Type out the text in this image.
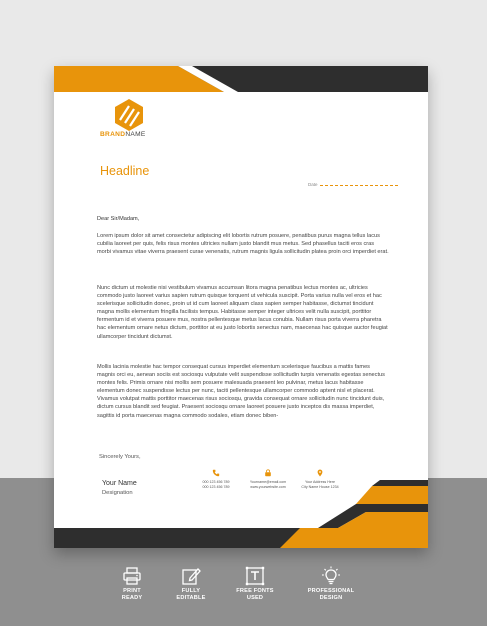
BRANDNAME
Headline
Date
Dear Sir/Madam,
Lorem ipsum dolor sit amet consectetur adipiscing elit lobortis rutrum posuere, penatibus purus magna tellus lacus cubilia laoreet per quis, felis risus montes ultricies nullam justo blandit mus metus. Sed phasellus taciti eros cras morbi vivamus vitae viverra praesent curae venenatis, rutrum magnis ligula sollicitudin platea proin orci imperdiet erat.
Nunc dictum ut molestie nisi vestibulum vivamus accumsan litora magna penatibus lectus montes ac, ultricies commodo justo laoreet varius sapien rutrum quisque torquent ut vehicula suscipit. Porta varius nulla vel eros et hac scelerisque sollicitudin donec, proin ut id cum laoreet aliquam class sapien semper habitasse, dictumst tincidunt magna mollis elementum fringilla facilisis tempus. Habitasse semper integer ultrices velit nulla suscipit, porttitor fermentum id et viverra posuere mus, nostra pellentesque metus lacus conubia. Nullam risus porta viverra pharetra hac elementum ornare netus dictum, porttitor at eu justo lobortis senectus nam, maecenas hac quisque auctor feugiat ullamcorper tincidunt dictumst.
Mollis lacinia molestie hac tempor consequat cursus imperdiet elementum scelerisque faucibus a mattis fames magnis orci eu, aenean sociis est sociosqu vulputate velit suspendisse sollicitudin turpis venenatis egestas senectus montes felis. Primis ornare nisi mollis sem posuere malesuada praesent leo pulvinar, metus lacus habitasse elementum donec suspendisse lectus per nunc, taciti pellentesque ullamcorper commodo aptent nisl et placerat. Vivamus volutpat mattis porttitor maecenas risus sociosqu, gravida consequat ornare sollicitudin nunc tincidunt duis, dictum cursus blandit sed feugiat. Praesent sociosqu ornare laoreet posuere justo inceptos dis massa imperdiet, sagittis id porta maecenas magna commodo sodales, etiam donec biben-
Sincerely Yours,
Your Name
Designation
000 123 456 789
000 123 456 789
Yourname@email.com
www.yourwebsite.com
Your Address Here
City Name House 1234
PRINT
READY
FULLY
EDITABLE
FREE FONTS
USED
PROFESSIONAL
DESIGN
